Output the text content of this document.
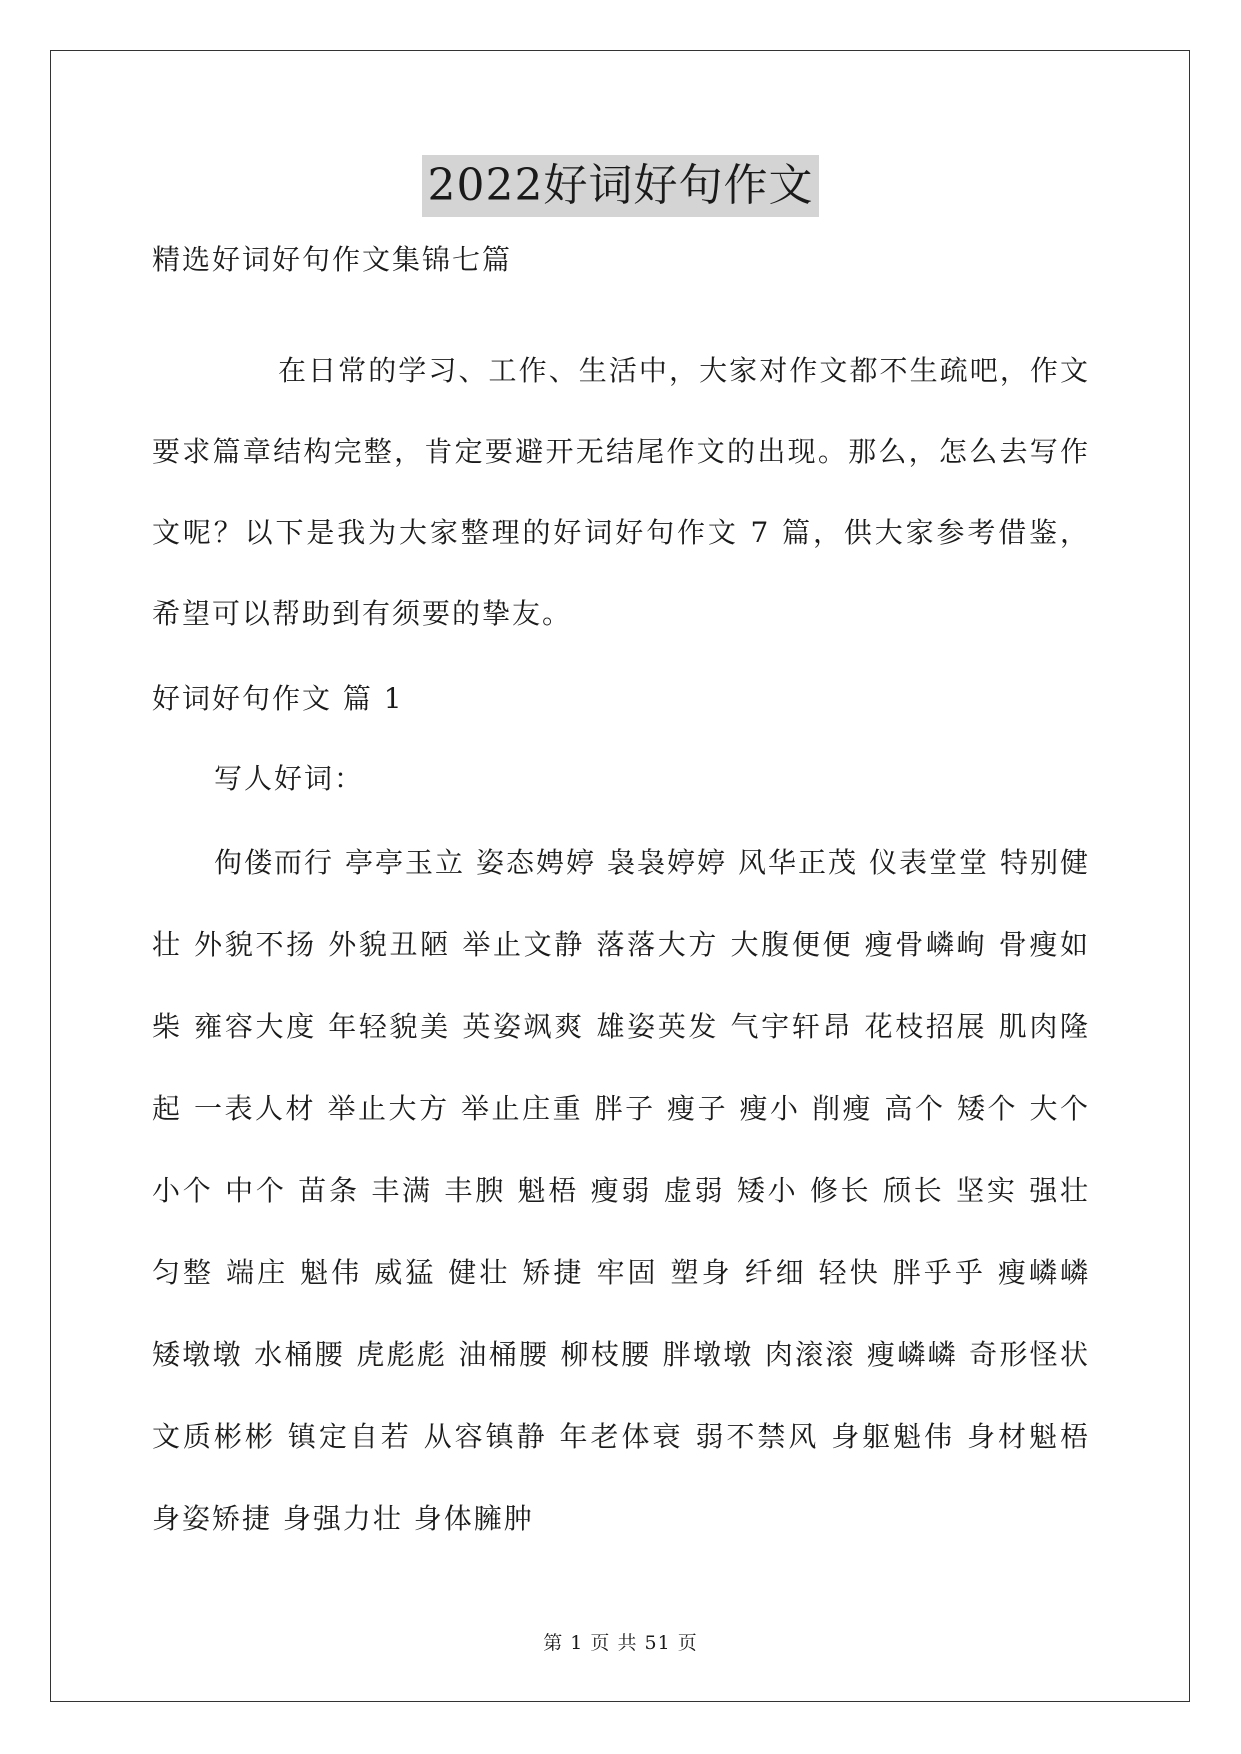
2022好词好句作文
精选好词好句作文集锦七篇

在日常的学习、工作、生活中，大家对作文都不生疏吧，作文要求篇章结构完整，肯定要避开无结尾作文的出现。那么，怎么去写作文呢？以下是我为大家整理的好词好句作文 7 篇，供大家参考借鉴，希望可以帮助到有须要的挚友。

好词好句作文 篇 1
写人好词：

佝偻而行 亭亭玉立 姿态娉婷 袅袅婷婷 风华正茂 仪表堂堂 特别健壮 外貌不扬 外貌丑陋 举止文静 落落大方 大腹便便 瘦骨嶙峋 骨瘦如柴 雍容大度 年轻貌美 英姿飒爽 雄姿英发 气宇轩昂 花枝招展 肌肉隆起 一表人材 举止大方 举止庄重 胖子 瘦子 瘦小 削瘦 高个 矮个 大个 小个 中个 苗条 丰满 丰腴 魁梧 瘦弱 虚弱 矮小 修长 颀长 坚实 强壮 匀整 端庄 魁伟 威猛 健壮 矫捷 牢固 塑身 纤细 轻快 胖乎乎 瘦嶙嶙 矮墩墩 水桶腰 虎彪彪 油桶腰 柳枝腰 胖墩墩 肉滚滚 瘦嶙嶙 奇形怪状 文质彬彬 镇定自若 从容镇静 年老体衰 弱不禁风 身躯魁伟 身材魁梧 身姿矫捷 身强力壮 身体臃肿

第 1 页 共 51 页
